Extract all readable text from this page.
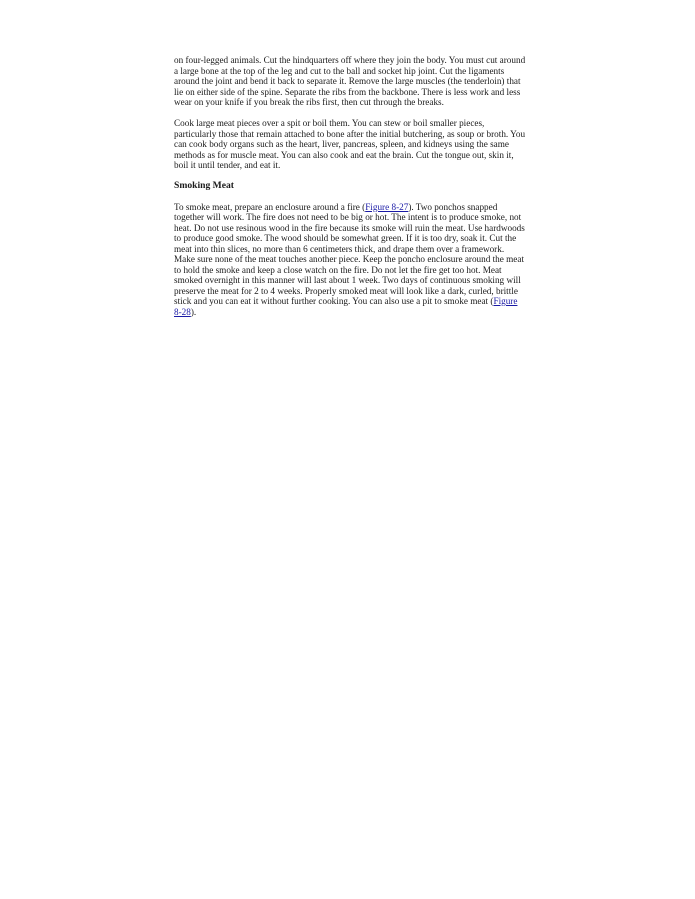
on four-legged animals. Cut the hindquarters off where they join the body. You must cut around a large bone at the top of the leg and cut to the ball and socket hip joint. Cut the ligaments around the joint and bend it back to separate it. Remove the large muscles (the tenderloin) that lie on either side of the spine. Separate the ribs from the backbone. There is less work and less wear on your knife if you break the ribs first, then cut through the breaks.

Cook large meat pieces over a spit or boil them. You can stew or boil smaller pieces, particularly those that remain attached to bone after the initial butchering, as soup or broth. You can cook body organs such as the heart, liver, pancreas, spleen, and kidneys using the same methods as for muscle meat. You can also cook and eat the brain. Cut the tongue out, skin it, boil it until tender, and eat it.

Smoking Meat

To smoke meat, prepare an enclosure around a fire (Figure 8-27). Two ponchos snapped together will work. The fire does not need to be big or hot. The intent is to produce smoke, not heat. Do not use resinous wood in the fire because its smoke will ruin the meat. Use hardwoods to produce good smoke. The wood should be somewhat green. If it is too dry, soak it. Cut the meat into thin slices, no more than 6 centimeters thick, and drape them over a framework. Make sure none of the meat touches another piece. Keep the poncho enclosure around the meat to hold the smoke and keep a close watch on the fire. Do not let the fire get too hot. Meat smoked overnight in this manner will last about 1 week. Two days of continuous smoking will preserve the meat for 2 to 4 weeks. Properly smoked meat will look like a dark, curled, brittle stick and you can eat it without further cooking. You can also use a pit to smoke meat (Figure 8-28).
